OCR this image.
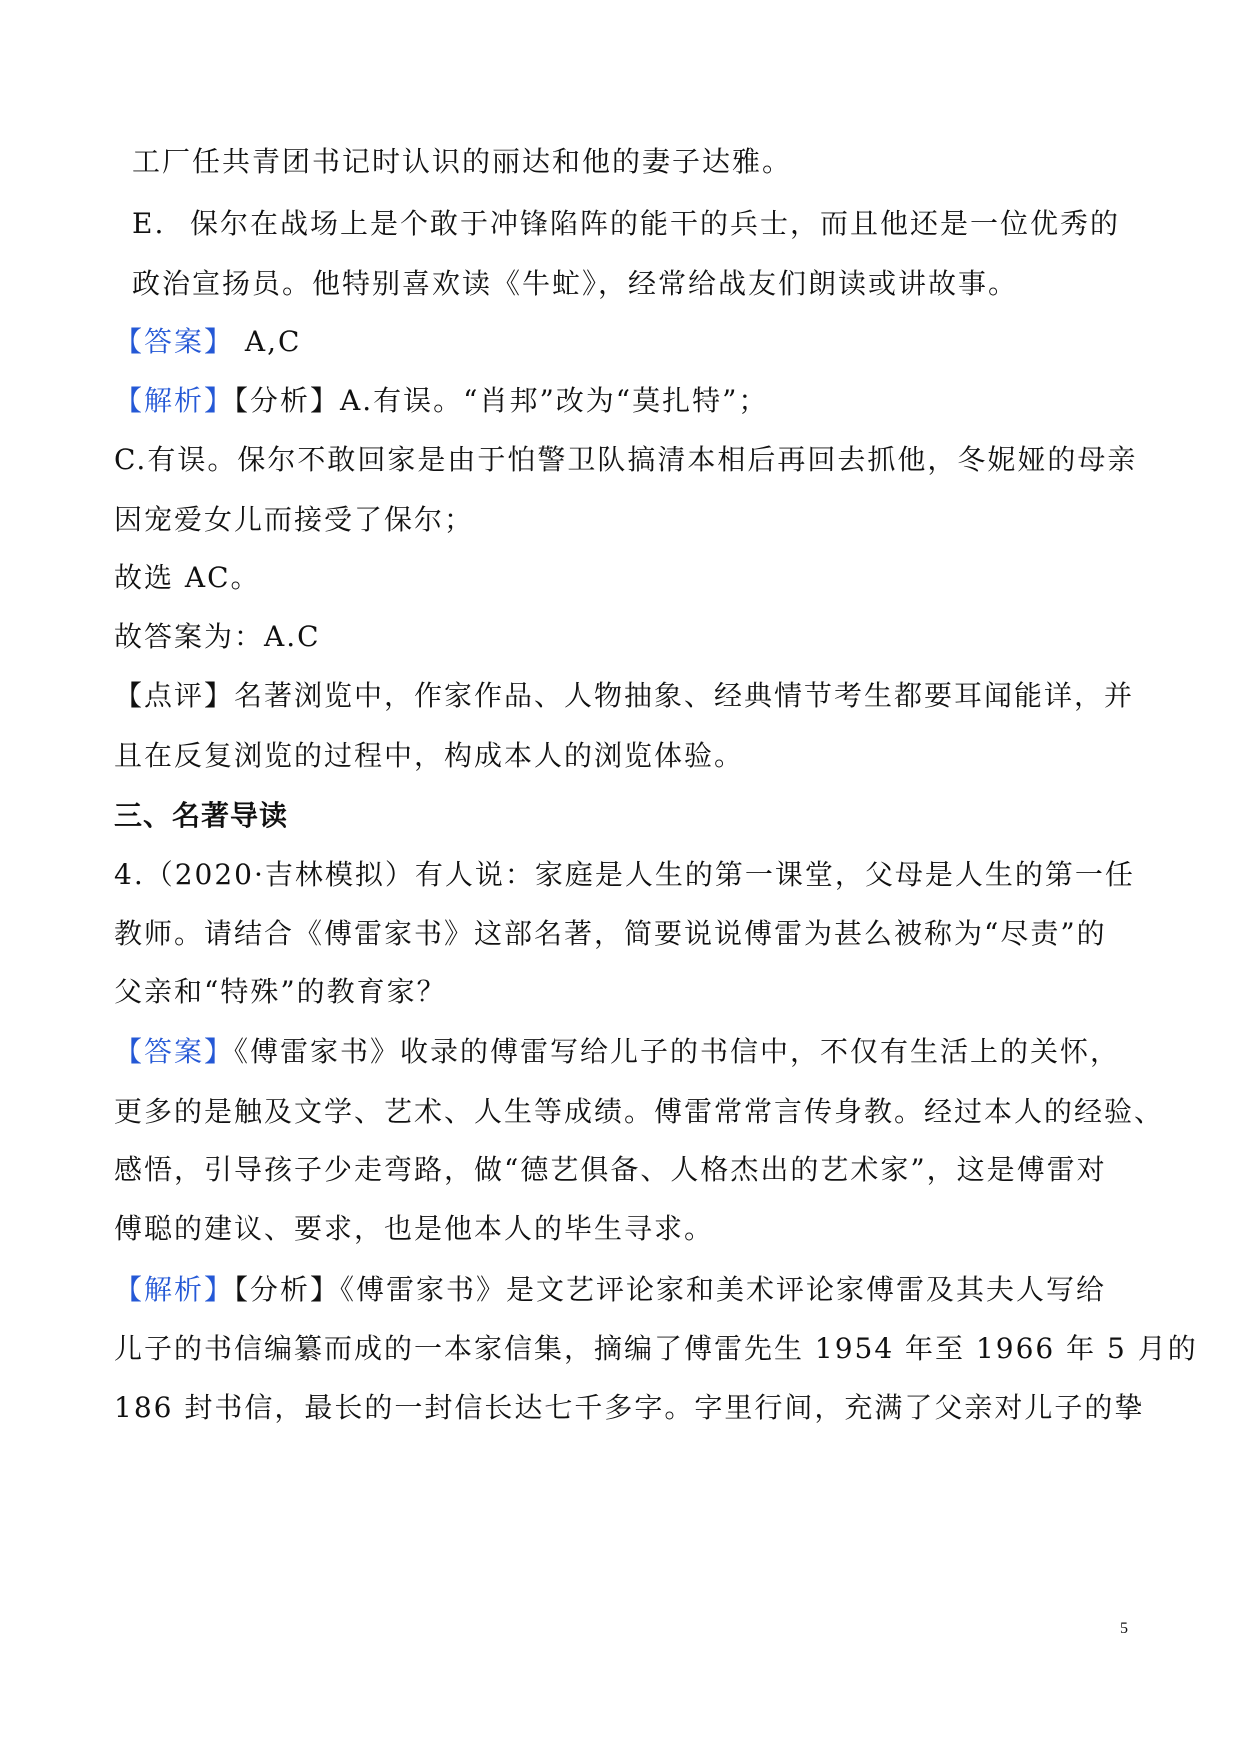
工厂任共青团书记时认识的丽达和他的妻子达雅。
E. 保尔在战场上是个敢于冲锋陷阵的能干的兵士，而且他还是一位优秀的
政治宣扬员。他特别喜欢读《牛虻》，经常给战友们朗读或讲故事。
【答案】 A,C
【解析】【分析】A.有误。“肖邦”改为“莫扎特”；
C.有误。保尔不敢回家是由于怕警卫队搞清本相后再回去抓他，冬妮娅的母亲
因宠爱女儿而接受了保尔；
故选 AC。
故答案为：A.C
【点评】名著浏览中，作家作品、人物抽象、经典情节考生都要耳闻能详，并
且在反复浏览的过程中，构成本人的浏览体验。
三、名著导读
4.（2020·吉林模拟）有人说：家庭是人生的第一课堂，父母是人生的第一任
教师。请结合《傅雷家书》这部名著，简要说说傅雷为甚么被称为“尽责”的
父亲和“特殊”的教育家？
【答案】《傅雷家书》收录的傅雷写给儿子的书信中，不仅有生活上的关怀，
更多的是触及文学、艺术、人生等成绩。傅雷常常言传身教。经过本人的经验、
感悟，引导孩子少走弯路，做“德艺俱备、人格杰出的艺术家”，这是傅雷对
傅聪的建议、要求，也是他本人的毕生寻求。
【解析】【分析】《傅雷家书》是文艺评论家和美术评论家傅雷及其夫人写给
儿子的书信编纂而成的一本家信集，摘编了傅雷先生 1954 年至 1966 年 5 月的
186 封书信，最长的一封信长达七千多字。字里行间，充满了父亲对儿子的挚
5
